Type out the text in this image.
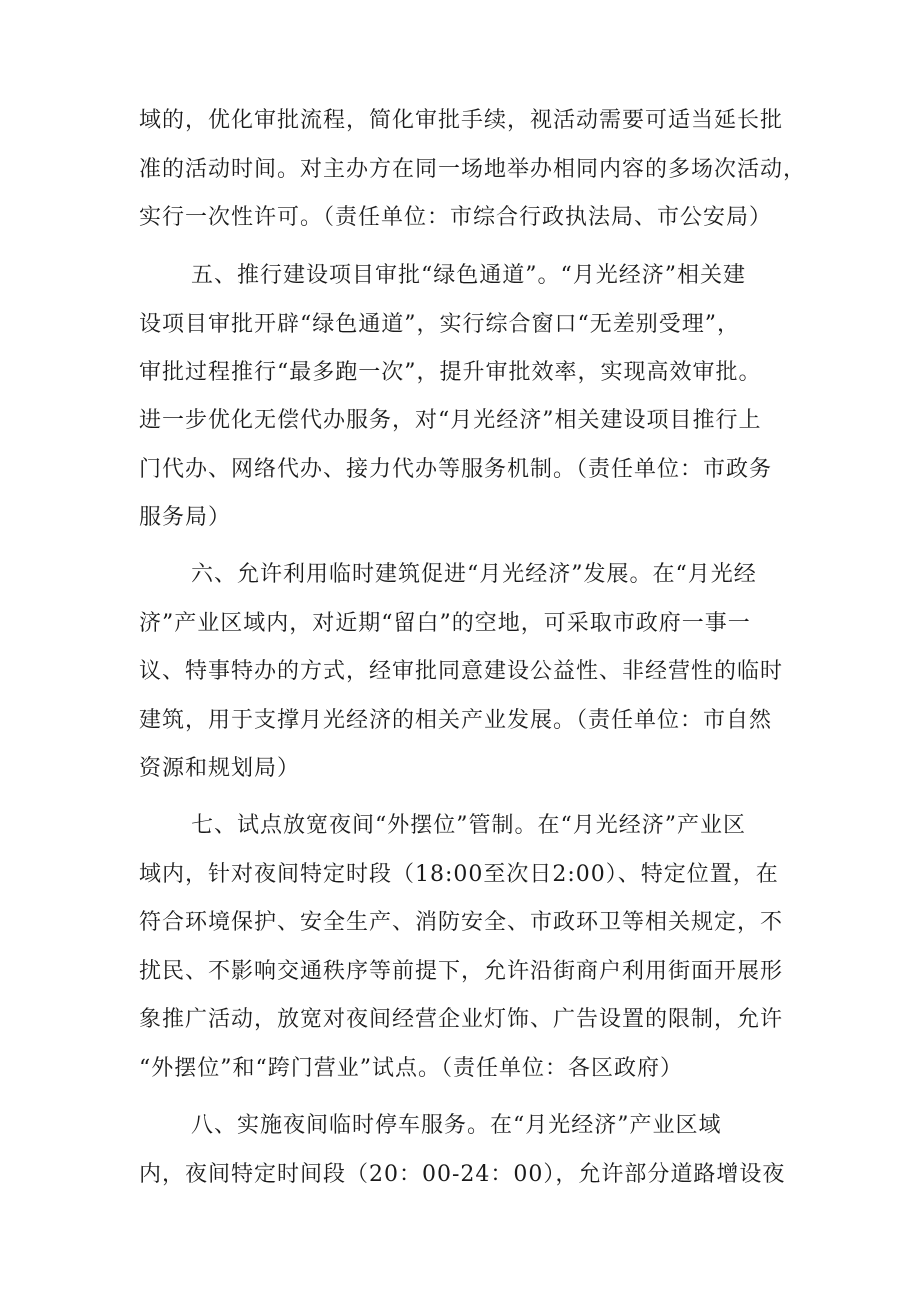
域的，优化审批流程，简化审批手续，视活动需要可适当延长批
准的活动时间。对主办方在同一场地举办相同内容的多场次活动，
实行一次性许可。（责任单位：市综合行政执法局、市公安局）
五、推行建设项目审批“绿色通道”。“月光经济”相关建
设项目审批开辟“绿色通道”，实行综合窗口“无差别受理”，
审批过程推行“最多跑一次”，提升审批效率，实现高效审批。
进一步优化无偿代办服务，对“月光经济”相关建设项目推行上
门代办、网络代办、接力代办等服务机制。（责任单位：市政务
服务局）
六、允许利用临时建筑促进“月光经济”发展。在“月光经
济”产业区域内，对近期“留白”的空地，可采取市政府一事一
议、特事特办的方式，经审批同意建设公益性、非经营性的临时
建筑，用于支撑月光经济的相关产业发展。（责任单位：市自然
资源和规划局）
七、试点放宽夜间“外摆位”管制。在“月光经济”产业区
域内，针对夜间特定时段（18:00至次日2:00）、特定位置，在
符合环境保护、安全生产、消防安全、市政环卫等相关规定，不
扰民、不影响交通秩序等前提下，允许沿街商户利用街面开展形
象推广活动，放宽对夜间经营企业灯饰、广告设置的限制，允许
“外摆位”和“跨门营业”试点。（责任单位：各区政府）
八、实施夜间临时停车服务。在“月光经济”产业区域
内，夜间特定时间段（20：00-24：00），允许部分道路增设夜
